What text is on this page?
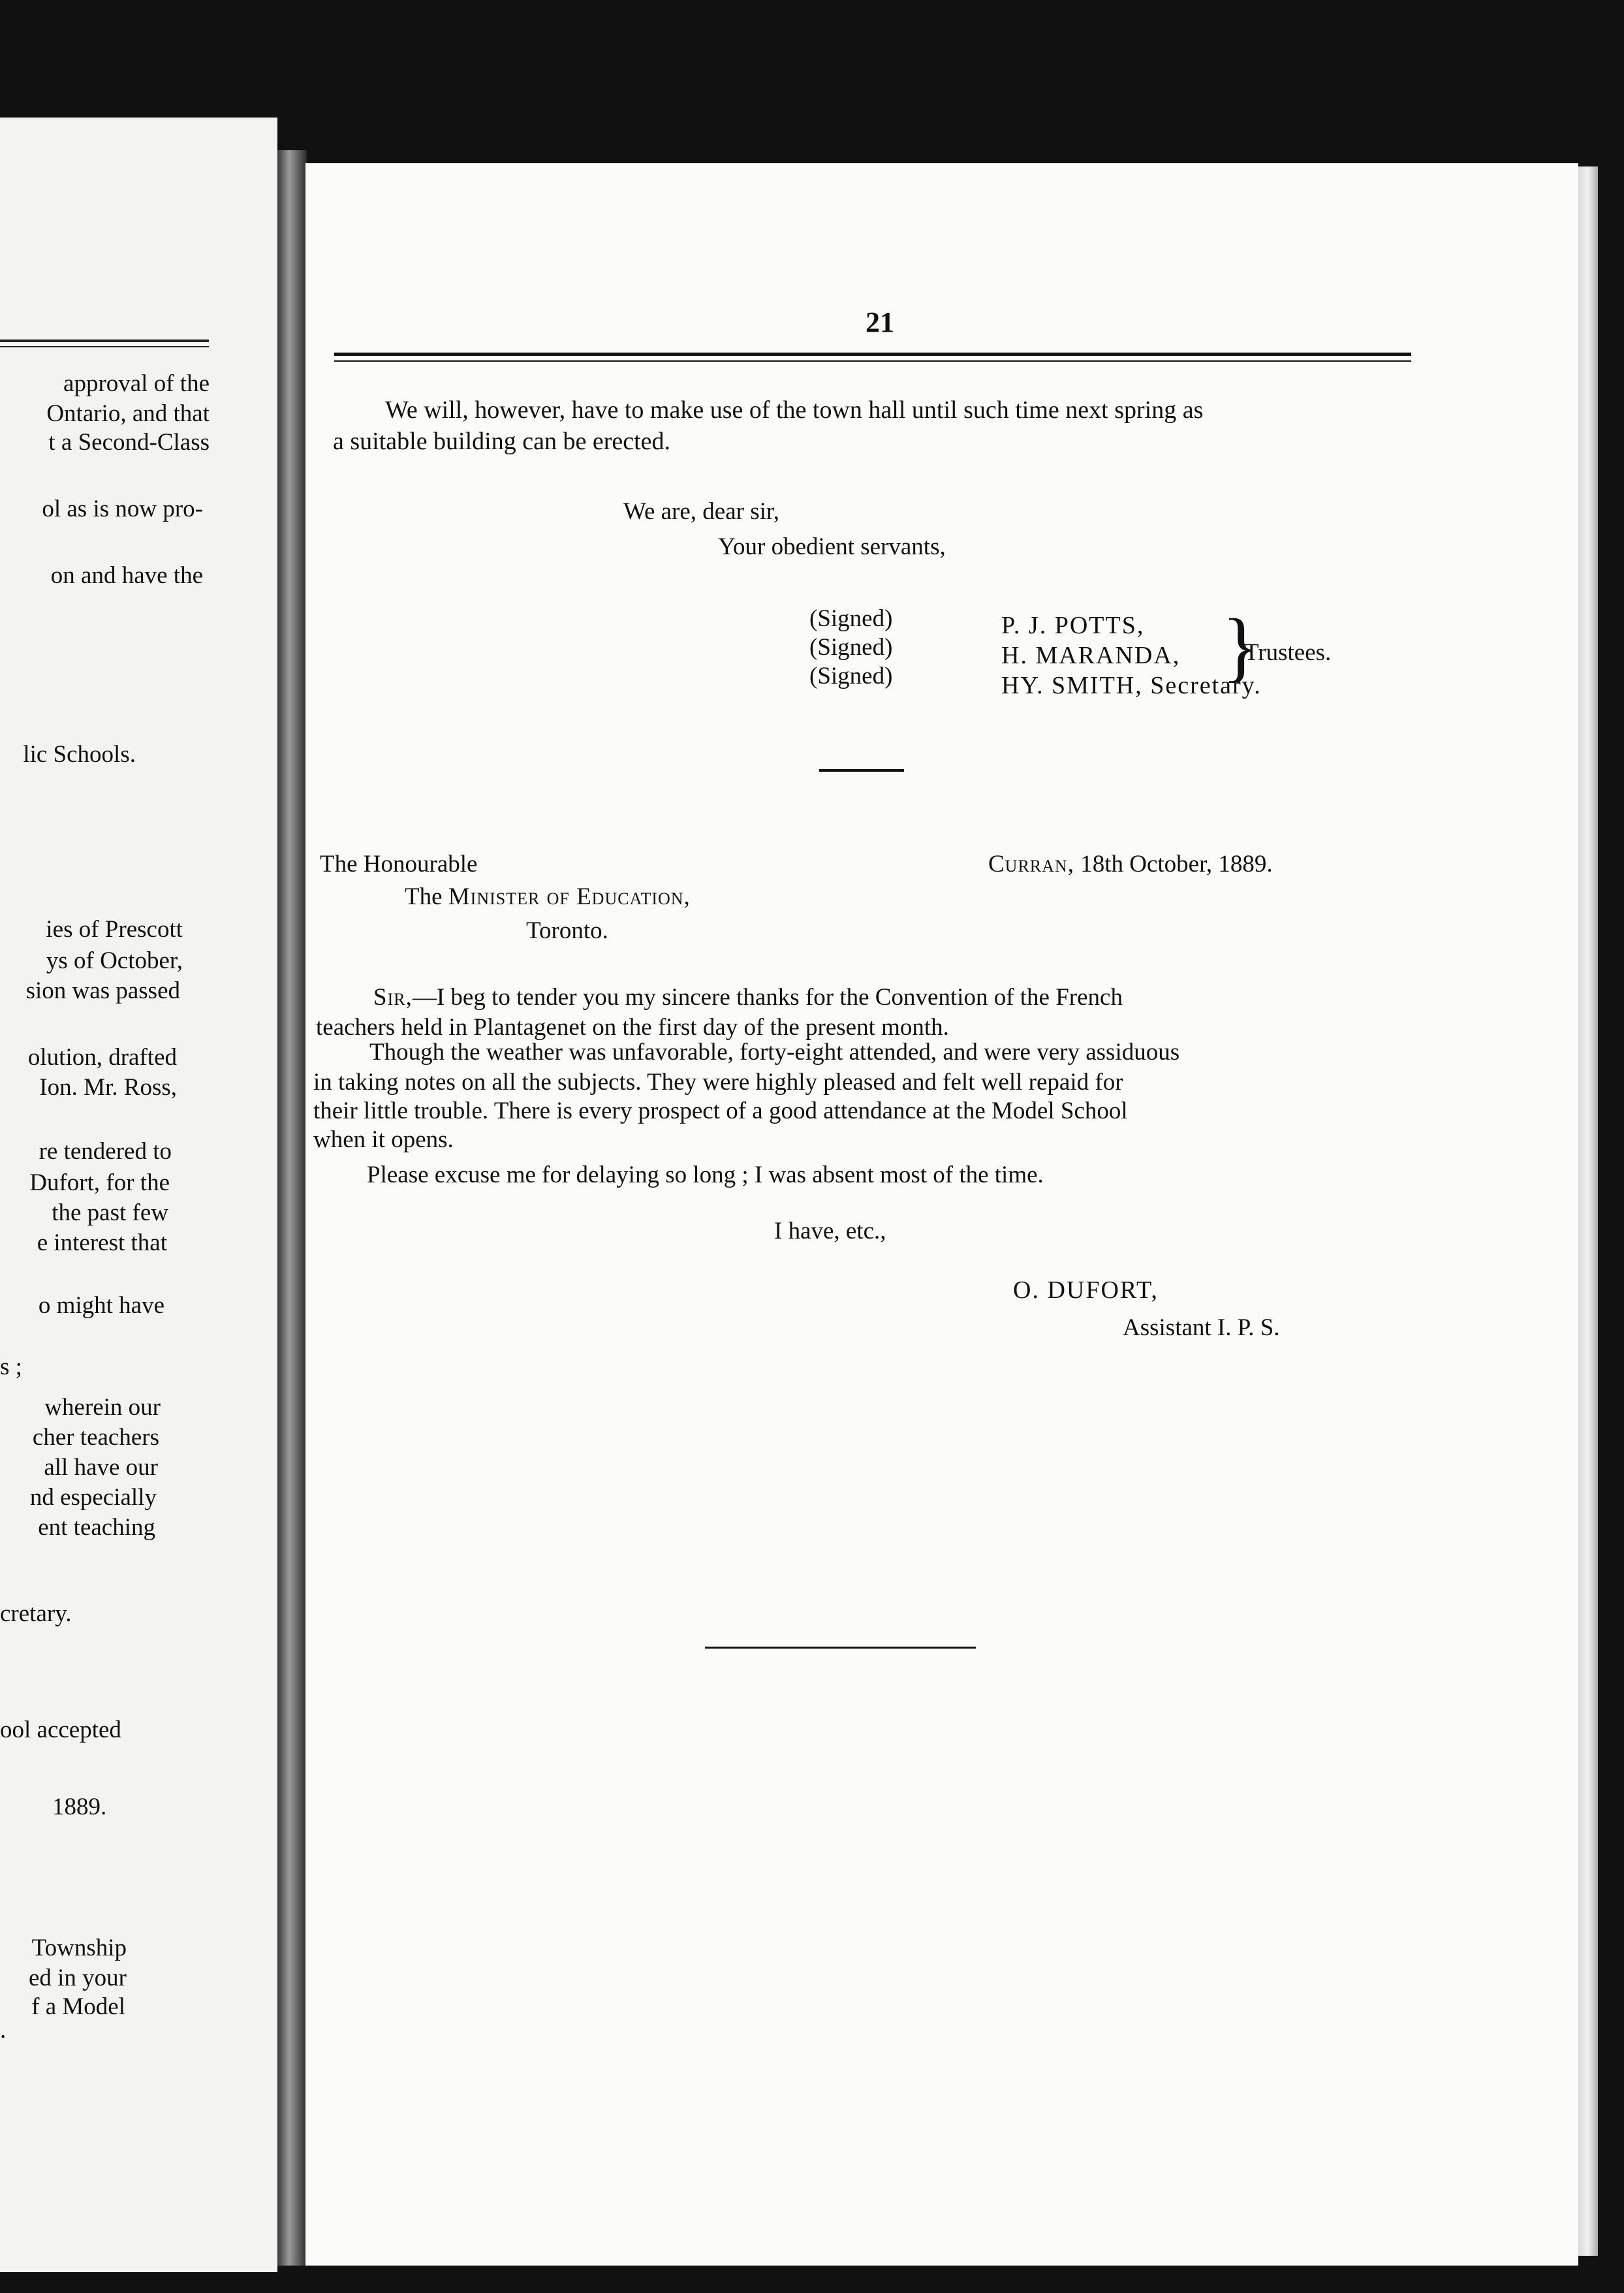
approval of the
Ontario, and that
t a Second-Class
ol as is now pro-
on and have the
lic Schools.
ies of Prescott
ys of October,
sion was passed
olution, drafted
Ion. Mr. Ross,
re tendered to
Dufort, for the
the past few
e interest that
o might have
s ;
wherein our
cher teachers
all have our
nd especially
ent teaching
cretary.
ool accepted
1889.
Township
ed in your
f a Model
.
21
We will, however, have to make use of the town hall until such time next spring as
a suitable building can be erected.
We are, dear sir,
Your obedient servants,
(Signed)
(Signed)
(Signed)
P. J. POTTS,
H. MARANDA,
HY. SMITH, Secretary.
}
Trustees.
The Honourable
The Minister of Education,
Toronto.
Curran, 18th October, 1889.
Sir,—I beg to tender you my sincere thanks for the Convention of the French
teachers held in Plantagenet on the first day of the present month.
Though the weather was unfavorable, forty-eight attended, and were very assiduous
in taking notes on all the subjects. They were highly pleased and felt well repaid for
their little trouble. There is every prospect of a good attendance at the Model School
when it opens.
Please excuse me for delaying so long ; I was absent most of the time.
I have, etc.,
O. DUFORT,
Assistant I. P. S.
